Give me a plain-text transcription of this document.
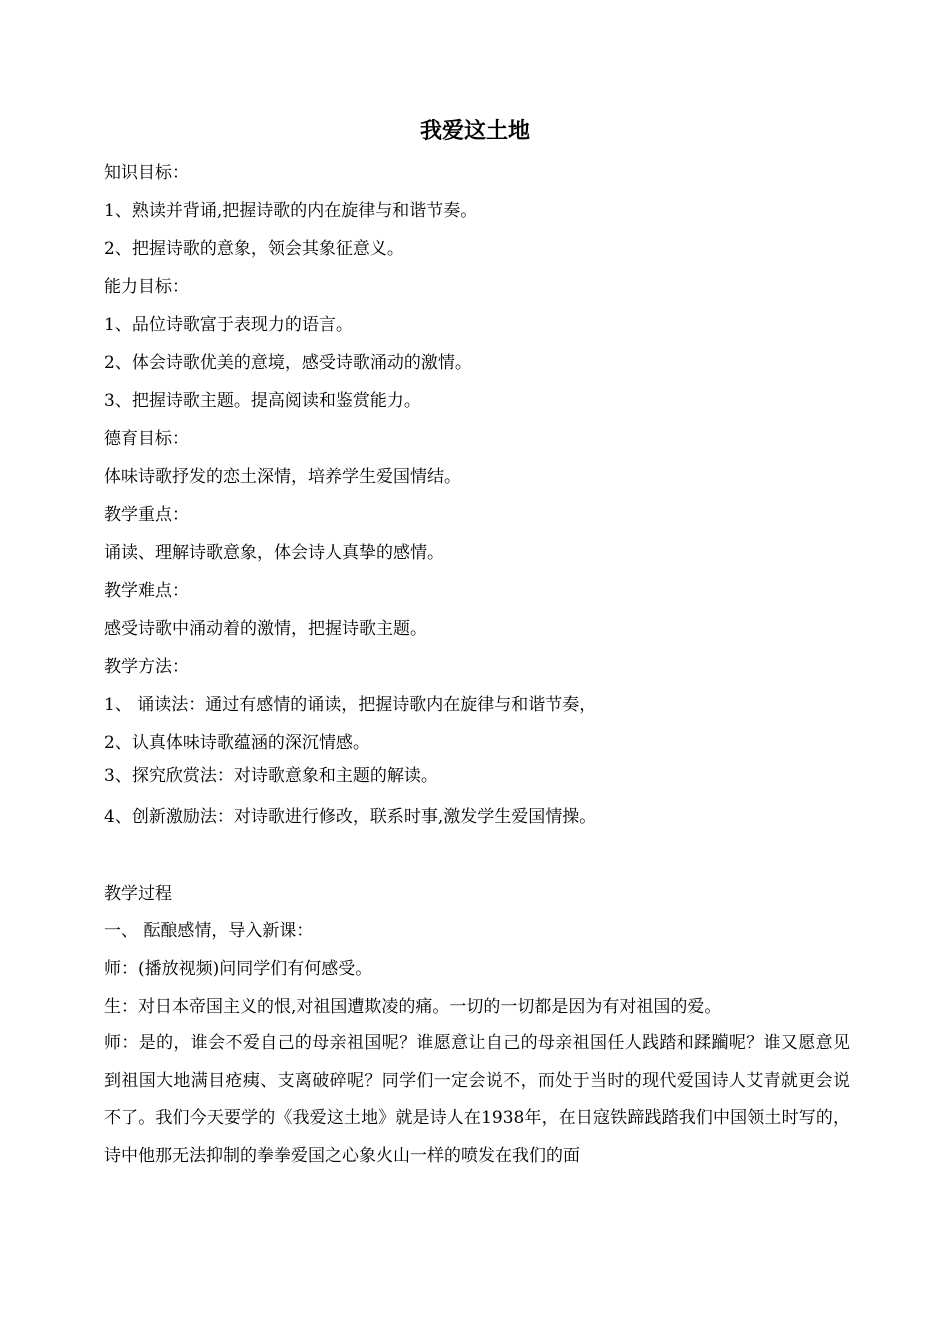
我爱这土地
知识目标：
1、熟读并背诵,把握诗歌的内在旋律与和谐节奏。
2、把握诗歌的意象，领会其象征意义。
能力目标：
1、品位诗歌富于表现力的语言。
2、体会诗歌优美的意境，感受诗歌涌动的激情。
3、把握诗歌主题。提高阅读和鉴赏能力。
德育目标：
体味诗歌抒发的恋土深情，培养学生爱国情结。
教学重点：
诵读、理解诗歌意象，体会诗人真挚的感情。
教学难点：
感受诗歌中涌动着的激情，把握诗歌主题。
教学方法：
1、 诵读法：通过有感情的诵读，把握诗歌内在旋律与和谐节奏，
2、认真体味诗歌蕴涵的深沉情感。
3、探究欣赏法：对诗歌意象和主题的解读。
4、创新激励法：对诗歌进行修改，联系时事,激发学生爱国情操。
教学过程
一、 酝酿感情，导入新课：
师：(播放视频)问同学们有何感受。
生：对日本帝国主义的恨,对祖国遭欺凌的痛。一切的一切都是因为有对祖国的爱。
师：是的，谁会不爱自己的母亲祖国呢？谁愿意让自己的母亲祖国任人践踏和蹂躏呢？谁又愿意见到祖国大地满目疮痍、支离破碎呢？同学们一定会说不，而处于当时的现代爱国诗人艾青就更会说不了。我们今天要学的《我爱这土地》就是诗人在1938年，在日寇铁蹄践踏我们中国领土时写的，诗中他那无法抑制的拳拳爱国之心象火山一样的喷发在我们的面
